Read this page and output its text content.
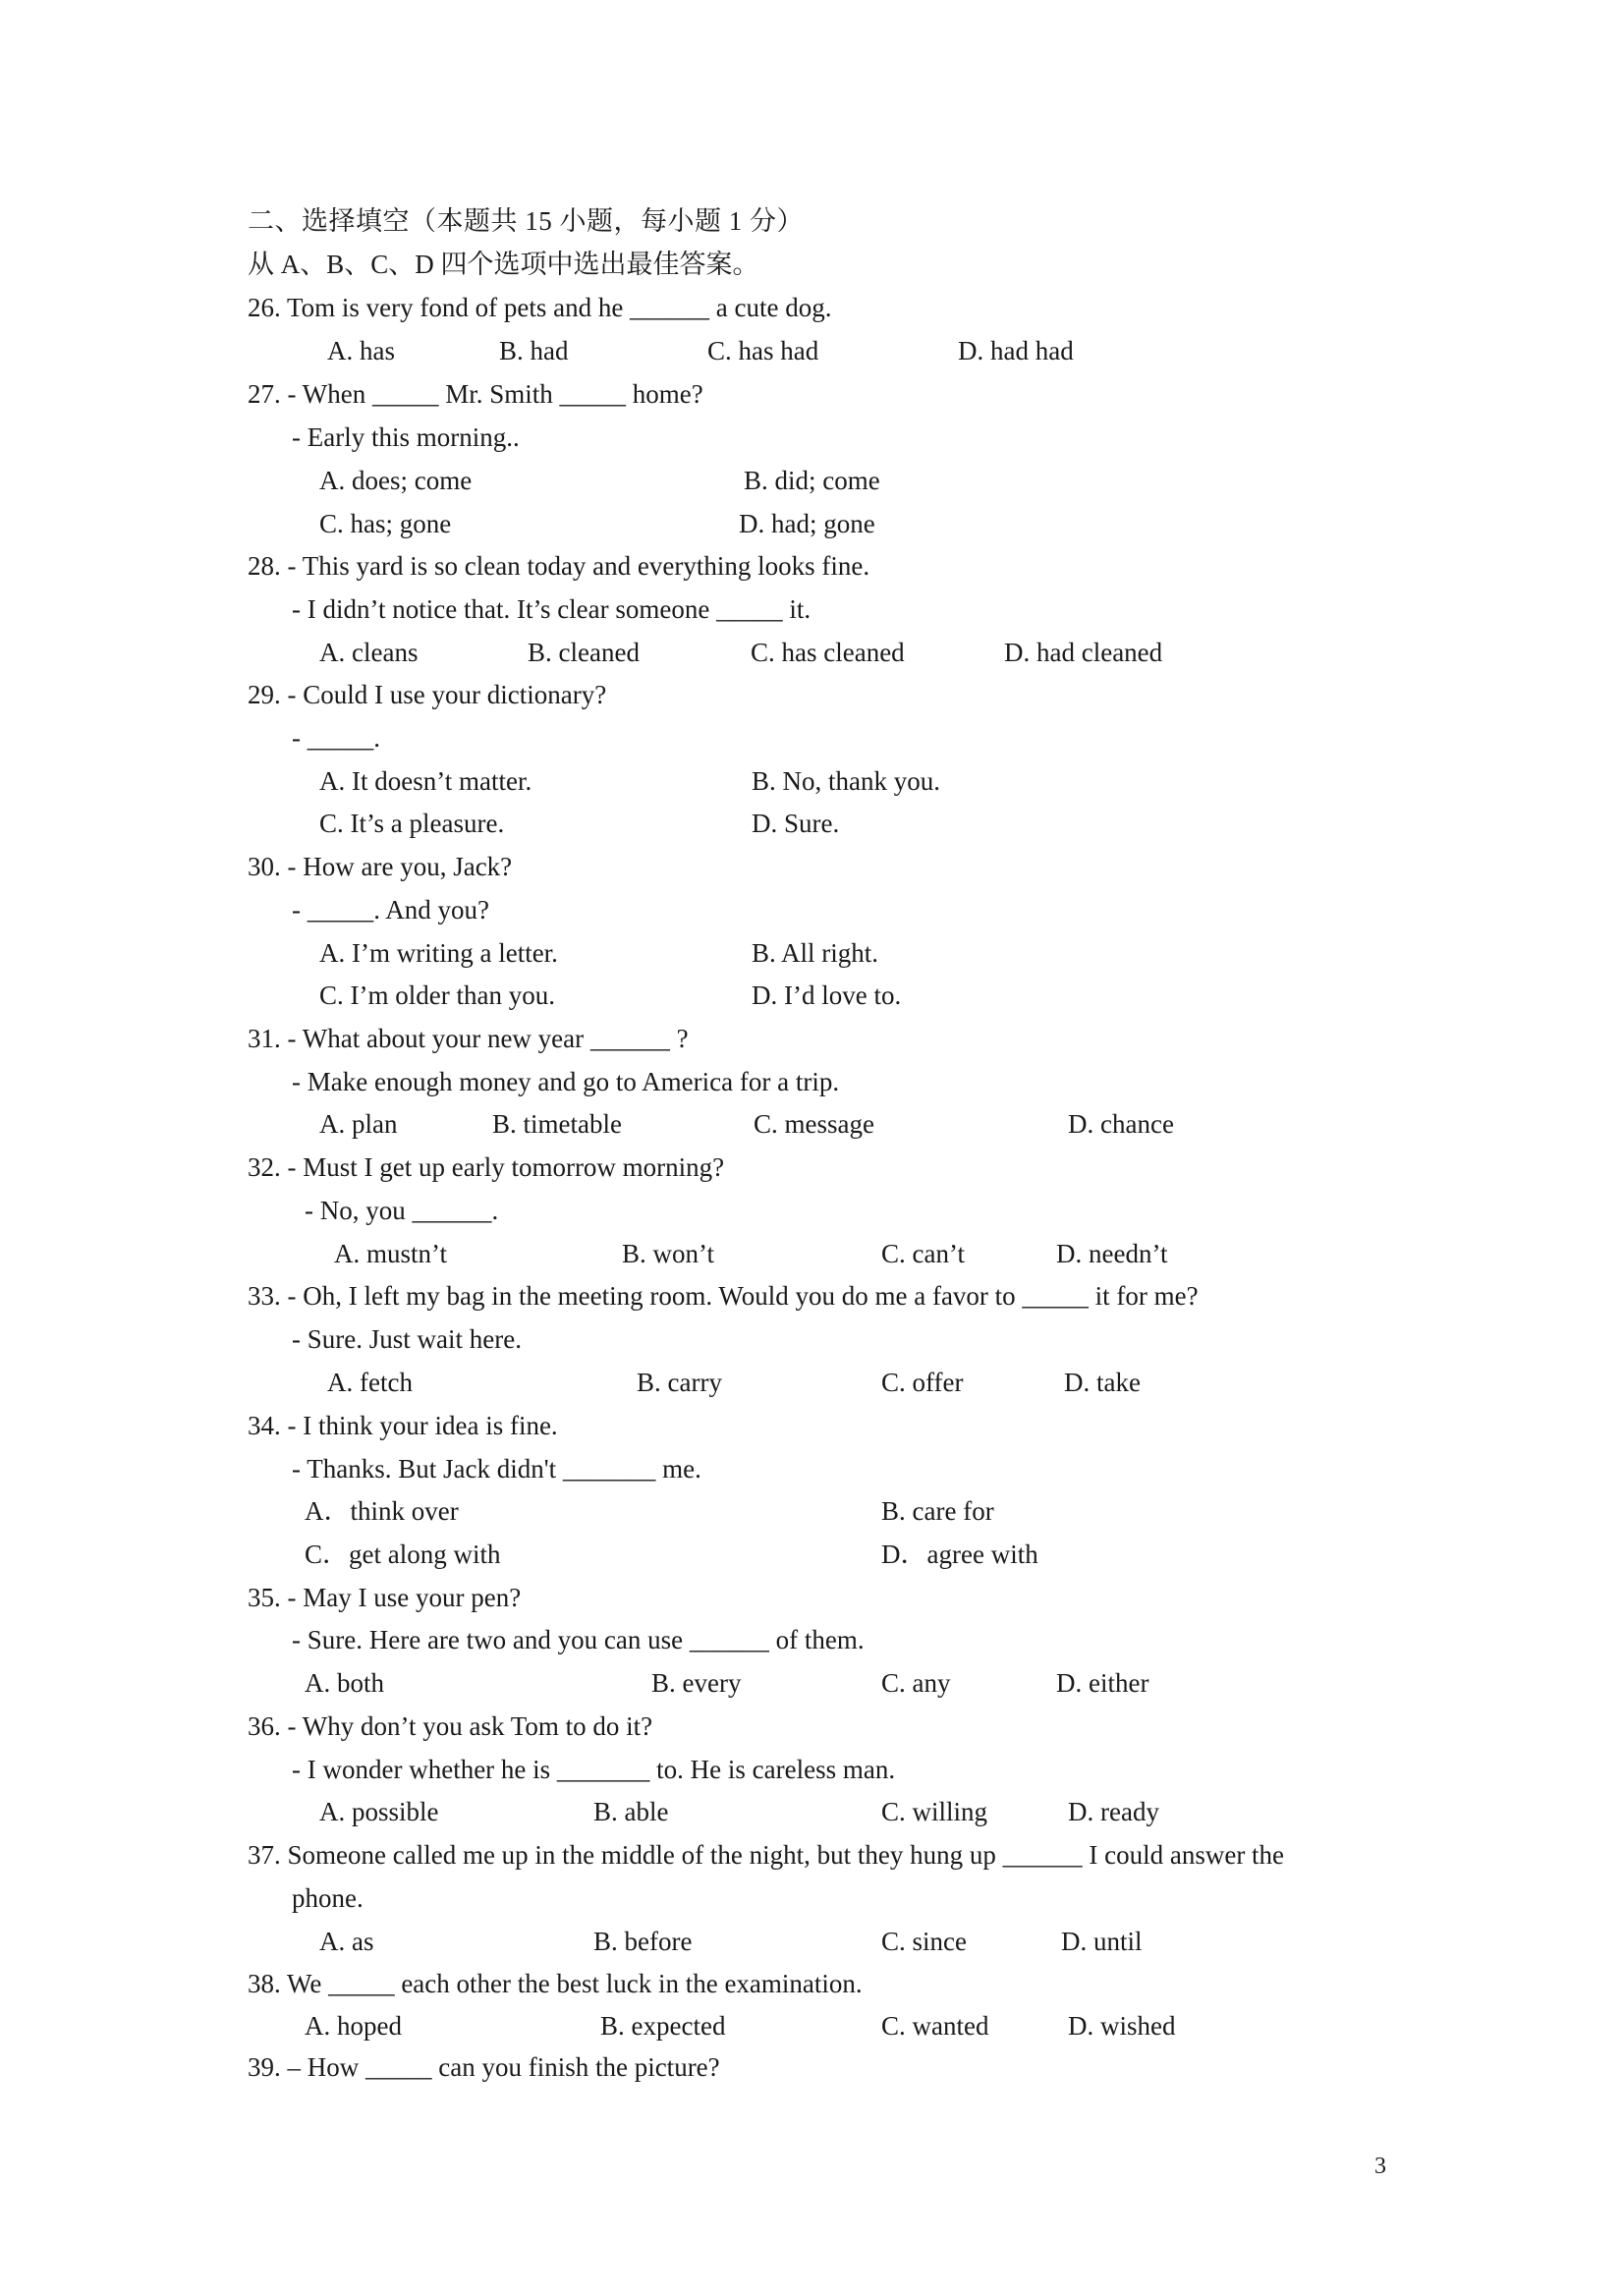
二、选择填空（本题共 15 小题，每小题 1 分）
从 A、B、C、D 四个选项中选出最佳答案。
26. Tom is very fond of pets and he ______ a cute dog.
A. has	B. had	C. has had	D. had had
27. - When _____ Mr. Smith _____ home?
- Early this morning..
A. does; come	B. did; come
C. has; gone	D. had; gone
28. - This yard is so clean today and everything looks fine.
- I didn’t notice that. It’s clear someone _____ it.
A. cleans	B. cleaned	C. has cleaned	D. had cleaned
29. - Could I use your dictionary?
- _____.
A. It doesn’t matter.	B. No, thank you.
C. It’s a pleasure.	D. Sure.
30. - How are you, Jack?
- _____. And you?
A. I’m writing a letter.	B. All right.
C. I’m older than you.	D. I’d love to.
31. - What about your new year ______ ?
- Make enough money and go to America for a trip.
A. plan	B. timetable	C. message	D. chance
32. - Must I get up early tomorrow morning?
- No, you ______.
A. mustn’t	B. won’t	C. can’t	D. needn’t
33. - Oh, I left my bag in the meeting room. Would you do me a favor to _____ it for me?
- Sure. Just wait here.
A. fetch	B. carry	C. offer	D. take
34. - I think your idea is fine.
- Thanks. But Jack didn't _______ me.
A．think over	B. care for
C．get along with	D．agree with
35. - May I use your pen?
- Sure. Here are two and you can use ______ of them.
A. both	B. every	C. any	D. either
36. - Why don’t you ask Tom to do it?
- I wonder whether he is _______ to. He is careless man.
A. possible	B. able	C. willing	D. ready
37. Someone called me up in the middle of the night, but they hung up ______ I could answer the
phone.
A. as	B. before	C. since	D. until
38. We _____ each other the best luck in the examination.
A. hoped	B. expected	C. wanted	D. wished
39. – How _____ can you finish the picture?
3
